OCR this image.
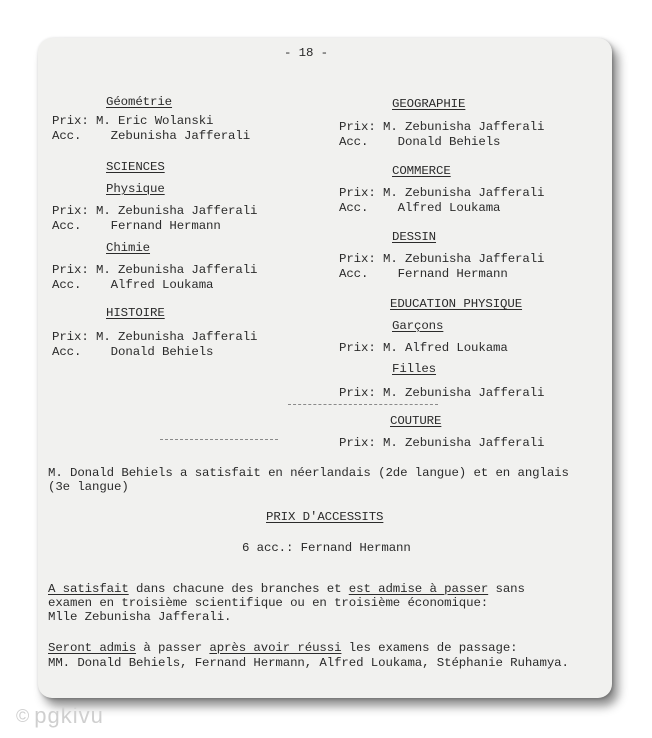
- 18 -
Géométrie
Prix: M. Eric Wolanski
Acc.    Zebunisha Jafferali
SCIENCES
Physique
Prix: M. Zebunisha Jafferali
Acc.    Fernand Hermann
Chimie
Prix: M. Zebunisha Jafferali
Acc.    Alfred Loukama
HISTOIRE
Prix: M. Zebunisha Jafferali
Acc.    Donald Behiels
GEOGRAPHIE
Prix: M. Zebunisha Jafferali
Acc.    Donald Behiels
COMMERCE
Prix: M. Zebunisha Jafferali
Acc.    Alfred Loukama
DESSIN
Prix: M. Zebunisha Jafferali
Acc.    Fernand Hermann
EDUCATION PHYSIQUE
Garçons
Prix: M. Alfred Loukama
Filles
Prix: M. Zebunisha Jafferali
COUTURE
Prix: M. Zebunisha Jafferali
M. Donald Behiels a satisfait en néerlandais (2de langue) et en anglais
(3e langue)
PRIX D'ACCESSITS
6 acc.: Fernand Hermann
A satisfait dans chacune des branches et est admise à passer sans
examen en troisième scientifique ou en troisième économique:
Mlle Zebunisha Jafferali.
Seront admis à passer après avoir réussi les examens de passage:
MM. Donald Behiels, Fernand Hermann, Alfred Loukama, Stéphanie Ruhamya.
© pgkivu
